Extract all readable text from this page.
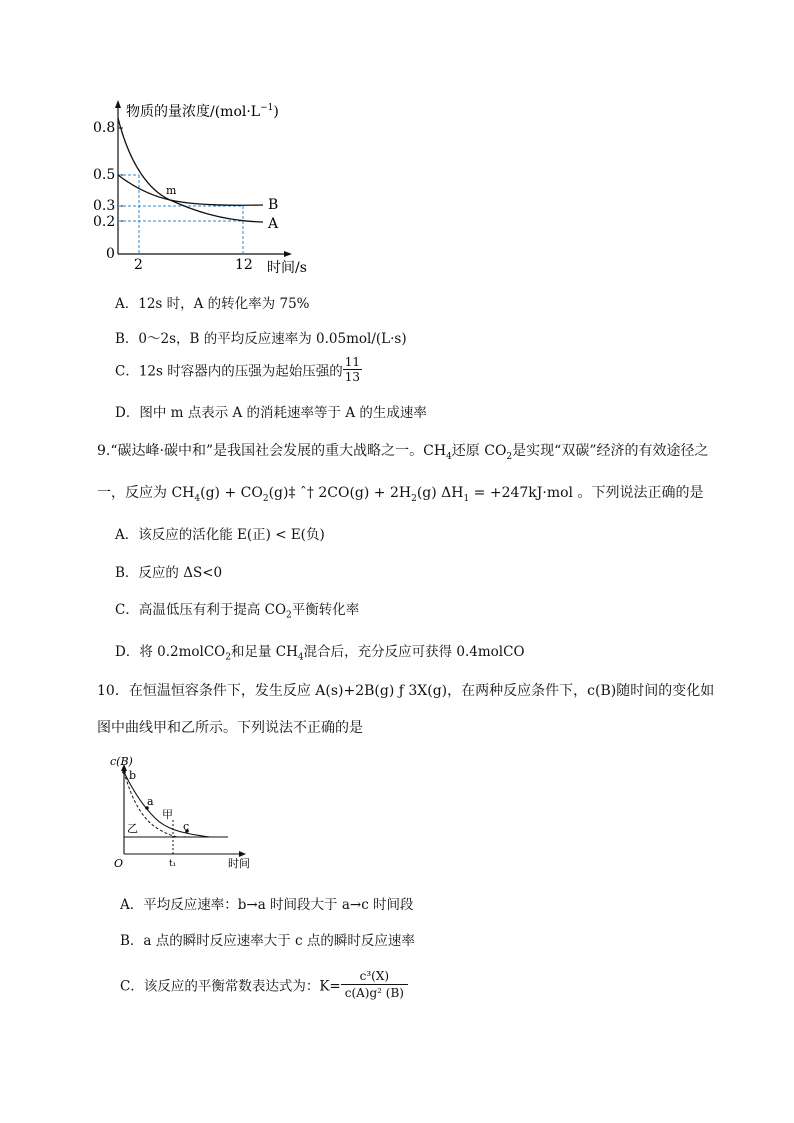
0.8
0.5
0.3
0.2
0
2	12 时间/s
m
B
A
物质的量浓度$/(mol\cdot L^{-1})$
A．12s 时，A 的转化率为 75%
B．0～2s，B 的平均反应速率为 0.05mol/(L·s)
C．12s 时容器内的压强为起始压强的 $\frac{11}{13}$
D．图中 m 点表示 A 的消耗速率等于 A 的生成速率
9.“碳达峰·碳中和”是我国社会发展的重大战略之一。$CH_4$还原 $CO_2$是实现“双碳”经济的有效途径之
一，反应为 $CH_4(g)$ + $CO_2(g)\ddagger$ ˆ† $2CO(g) + 2H_2(g) \Delta H_1 = +247kJ\cdot mol$ 。下列说法正确的是
A．该反应的活化能 E(正) < E(负)
B．反应的 ΔS<0
C．高温低压有利于提高 $CO_2$平衡转化率
D．将 0.2molCO$_2$和足量 $CH_4$混合后，充分反应可获得 0.4molCO
10．在恒温恒容条件下，发生反应 A(s)+2B(g) ƒ 3X(g)，在两种反应条件下，c(B)随时间的变化如
图中曲线甲和乙所示。下列说法不正确的是
c(B)
时间
O	t₁
b
a
c
甲
乙
A．平均反应速率：b→a 时间段大于 a→c 时间段
B．a 点的瞬时反应速率大于 c 点的瞬时反应速率
C．该反应的平衡常数表达式为：$K= \frac{\text{c³(X)}}{\text{c(A)g² (B)}}$
